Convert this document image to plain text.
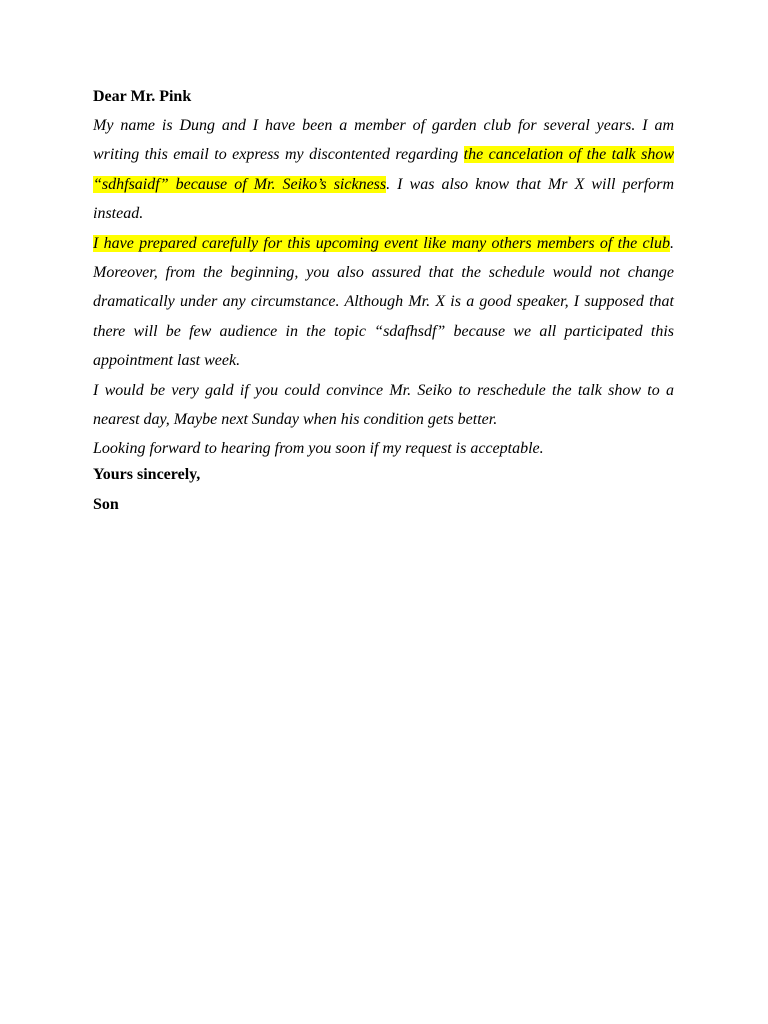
Dear Mr. Pink

My name is Dung and I have been a member of garden club for several years. I am writing this email to express my discontented regarding the cancelation of the talk show “sdhfsaidf” because of Mr. Seiko’s sickness. I was also know that Mr X will perform instead.

I have prepared carefully for this upcoming event like many others members of the club. Moreover, from the beginning, you also assured that the schedule would not change dramatically under any circumstance. Although Mr. X is a good speaker, I supposed that there will be few audience in the topic “sdafhsdf” because we all participated this appointment last week.

I would be very gald if you could convince Mr. Seiko to reschedule the talk show to a nearest day, Maybe next Sunday when his condition gets better.

Looking forward to hearing from you soon if my request is acceptable.

Yours sincerely,

Son
